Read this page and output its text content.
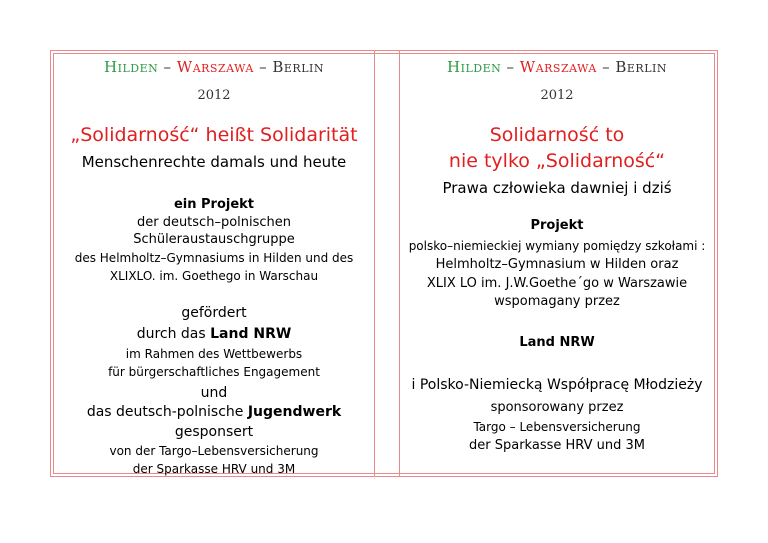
Hilden – Warszawa – Berlin
2012
„Solidarność“ heißt Solidarität
Menschenrechte damals und heute
ein Projekt
der deutsch–polnischen Schüleraustauschgruppe
des Helmholtz–Gymnasiums in Hilden und des
XLIXLO. im. Goethego in Warschau
gefördert
durch das Land NRW
im Rahmen des Wettbewerbs
für bürgerschaftliches Engagement
und
das deutsch-polnische Jugendwerk
gesponsert
von der Targo–Lebensversicherung
der Sparkasse HRV und 3M
Hilden – Warszawa – Berlin
2012
Solidarność to
nie tylko „Solidarność“
Prawa człowieka dawniej i dziś
Projekt
polsko–niemieckiej wymiany pomiędzy szkołami :
Helmholtz–Gymnasium w Hilden oraz
XLIX LO im. J.W.Goethe´go w Warszawie
wspomagany przez
Land NRW
i Polsko-Niemiecką Współpracę Młodzieży
sponsorowany przez
Targo – Lebensversicherung
der Sparkasse HRV und 3M
